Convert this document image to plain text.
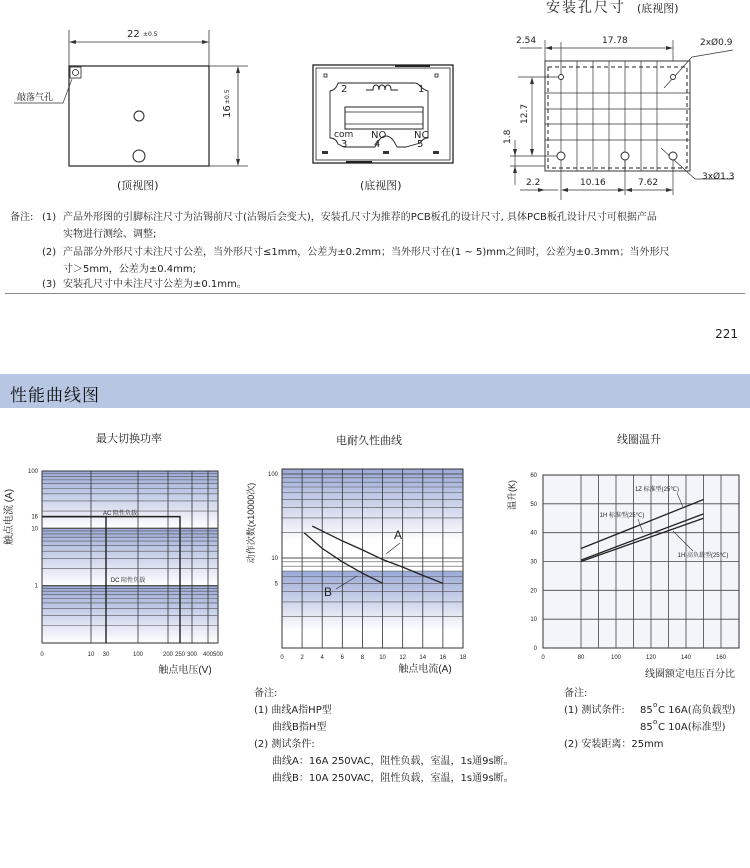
22 ±0.5
16
±0.5
敲落气孔
(顶视图)
2	1
com
3
NO
4
NC
5
(底视图)
安装孔尺寸 (底视图)
2.54	17.78	2xØ0.9
12.7
1.8
2.2	10.16	7.62
3xØ1.3
备注: (1) 产品外形图的引脚标注尺寸为沾锡前尺寸(沾锡后会变大)，安装孔尺寸为推荐的PCB板孔的设计尺寸, 具体PCB板孔设计尺寸可根据产品
实物进行测绘、调整;
(2) 产品部分外形尺寸未注尺寸公差，当外形尺寸≤1mm，公差为±0.2mm；当外形尺寸在(1 ~ 5)mm之间时，公差为±0.3mm；当外形尺
寸＞5mm，公差为±0.4mm;
(3) 安装孔尺寸中未注尺寸公差为±0.1mm。
221
性能曲线图
最大切换功率	电耐久性曲线	线圈温升
AC 阻性负载
DC 阻性负载
100
16
10
1
0	10 30	100	200 250 300 400 500
触点电压(V)
触点电流 (A)	A
B
100
10
5
0	2	4	6	8	10 12 14 16 18
触点电流(A)
动作次数(x10000次)	1Z 标准型(25℃)
1H 标准型(25℃)
1H 高负载型(25℃)
0
10
20
30
40
50
60
0	80	100	120	140	160
线圈额定电压百分比
温升(K)
备注:
(1) 曲线A指HP型
曲线B指H型
(2) 测试条件:
曲线A：16A 250VAC，阻性负载，室温，1s通9s断。
曲线B：10A 250VAC，阻性负载，室温，1s通9s断。
备注:
(1) 测试条件: 85 o C 16A(高负载型)
85 o C 10A(标准型)
(2) 安装距离：25mm
